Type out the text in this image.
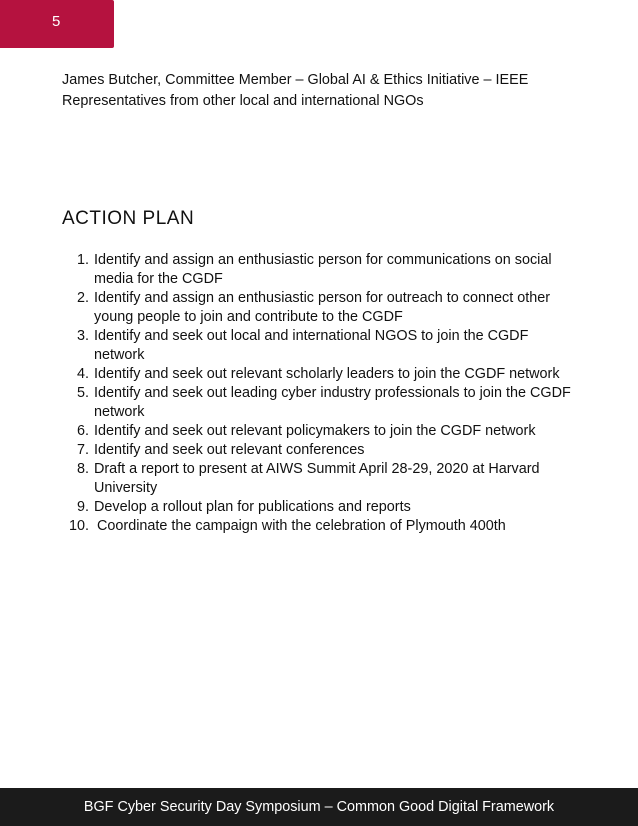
5
James Butcher, Committee Member – Global AI & Ethics Initiative – IEEE
Representatives from other local and international NGOs
ACTION PLAN
1. Identify and assign an enthusiastic person for communications on social media for the CGDF
2. Identify and assign an enthusiastic person for outreach to connect other young people to join and contribute to the CGDF
3. Identify and seek out local and international NGOS to join the CGDF network
4. Identify and seek out relevant scholarly leaders to join the CGDF network
5. Identify and seek out leading cyber industry professionals to join the CGDF network
6. Identify and seek out relevant policymakers to join the CGDF network
7. Identify and seek out relevant conferences
8. Draft a report to present at AIWS Summit April 28-29, 2020 at Harvard University
9. Develop a rollout plan for publications and reports
10. Coordinate the campaign with the celebration of Plymouth 400th
BGF Cyber Security Day Symposium – Common Good Digital Framework
